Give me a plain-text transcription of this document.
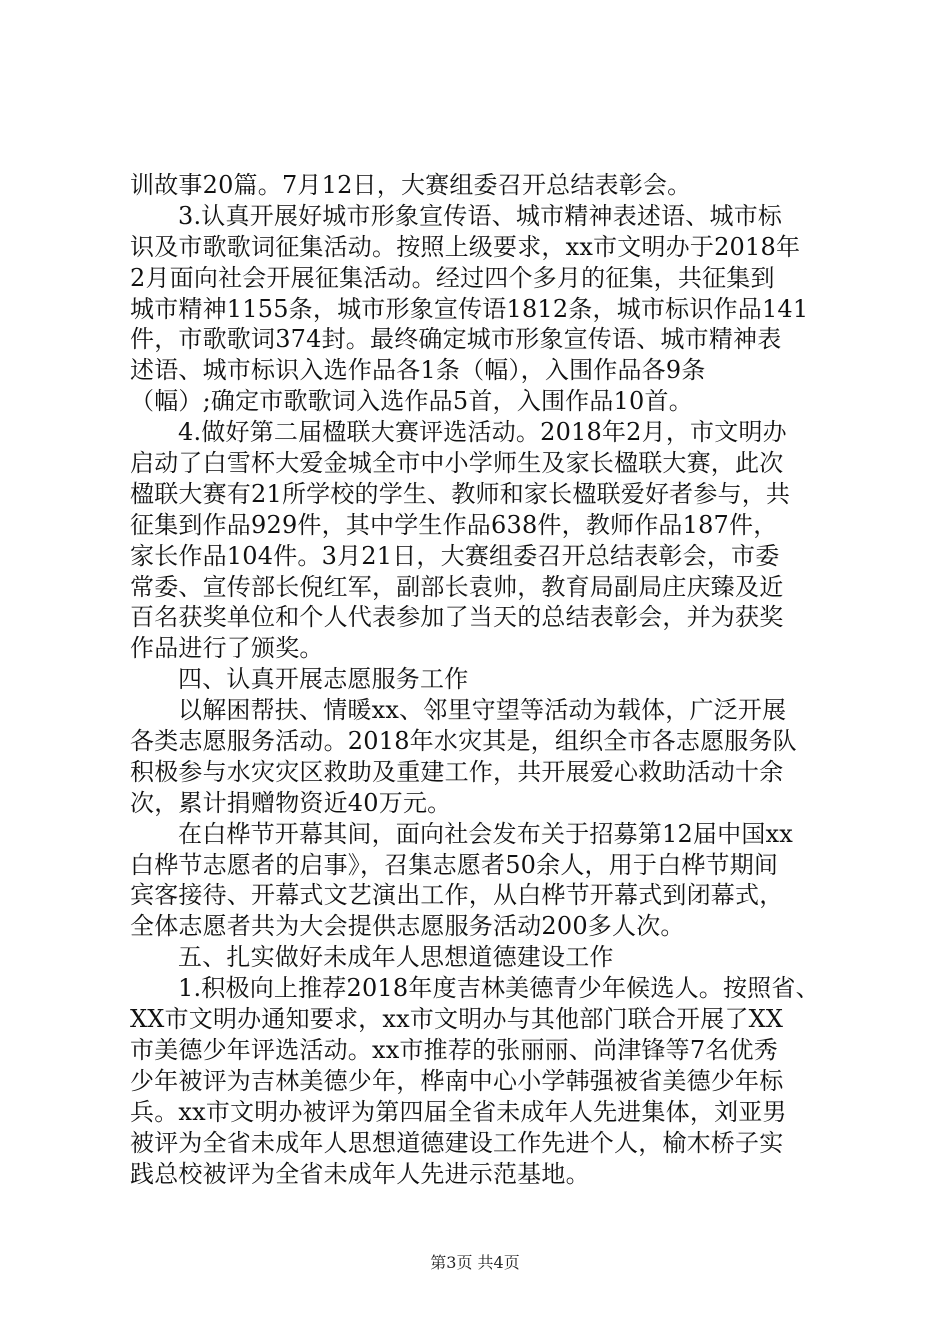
训故事20篇。7月12日，大赛组委召开总结表彰会。
3.认真开展好城市形象宣传语、城市精神表述语、城市标
识及市歌歌词征集活动。按照上级要求，xx市文明办于2018年
2月面向社会开展征集活动。经过四个多月的征集，共征集到
城市精神1155条，城市形象宣传语1812条，城市标识作品141
件，市歌歌词374封。最终确定城市形象宣传语、城市精神表
述语、城市标识入选作品各1条（幅），入围作品各9条
（幅）;确定市歌歌词入选作品5首，入围作品10首。
4.做好第二届楹联大赛评选活动。2018年2月，市文明办
启动了白雪杯大爱金城全市中小学师生及家长楹联大赛，此次
楹联大赛有21所学校的学生、教师和家长楹联爱好者参与，共
征集到作品929件，其中学生作品638件，教师作品187件，
家长作品104件。3月21日，大赛组委召开总结表彰会，市委
常委、宣传部长倪红军，副部长袁帅，教育局副局庄庆臻及近
百名获奖单位和个人代表参加了当天的总结表彰会，并为获奖
作品进行了颁奖。
四、认真开展志愿服务工作
以解困帮扶、情暖xx、邻里守望等活动为载体，广泛开展
各类志愿服务活动。2018年水灾其是，组织全市各志愿服务队
积极参与水灾灾区救助及重建工作，共开展爱心救助活动十余
次，累计捐赠物资近40万元。
在白桦节开幕其间，面向社会发布关于招募第12届中国xx
白桦节志愿者的启事》，召集志愿者50余人，用于白桦节期间
宾客接待、开幕式文艺演出工作，从白桦节开幕式到闭幕式，
全体志愿者共为大会提供志愿服务活动200多人次。
五、扎实做好未成年人思想道德建设工作
1.积极向上推荐2018年度吉林美德青少年候选人。按照省、
XX市文明办通知要求，xx市文明办与其他部门联合开展了XX
市美德少年评选活动。xx市推荐的张丽丽、尚津锋等7名优秀
少年被评为吉林美德少年，桦南中心小学韩强被省美德少年标
兵。xx市文明办被评为第四届全省未成年人先进集体，刘亚男
被评为全省未成年人思想道德建设工作先进个人，榆木桥子实
践总校被评为全省未成年人先进示范基地。
第3页 共4页
